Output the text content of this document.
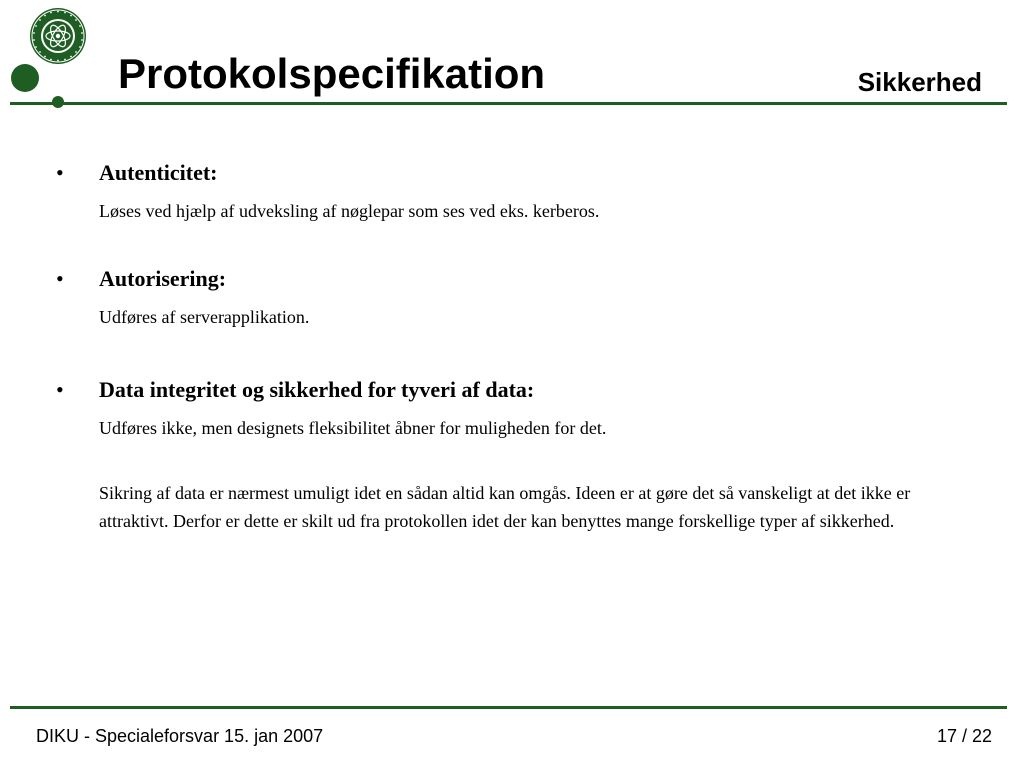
Protokolspecifikation	Sikkerhed
• Autenticitet:
Løses ved hjælp af udveksling af nøglepar som ses ved eks. kerberos.
• Autorisering:
Udføres af serverapplikation.
• Data integritet og sikkerhed for tyveri af data:
Udføres ikke, men designets fleksibilitet åbner for muligheden for det.
Sikring af data er nærmest umuligt idet en sådan altid kan omgås. Ideen er at gøre det så vanskeligt at det ikke er attraktivt. Derfor er dette er skilt ud fra protokollen idet der kan benyttes mange forskellige typer af sikkerhed.
DIKU - Specialeforsvar 15. jan 2007	17 / 22
